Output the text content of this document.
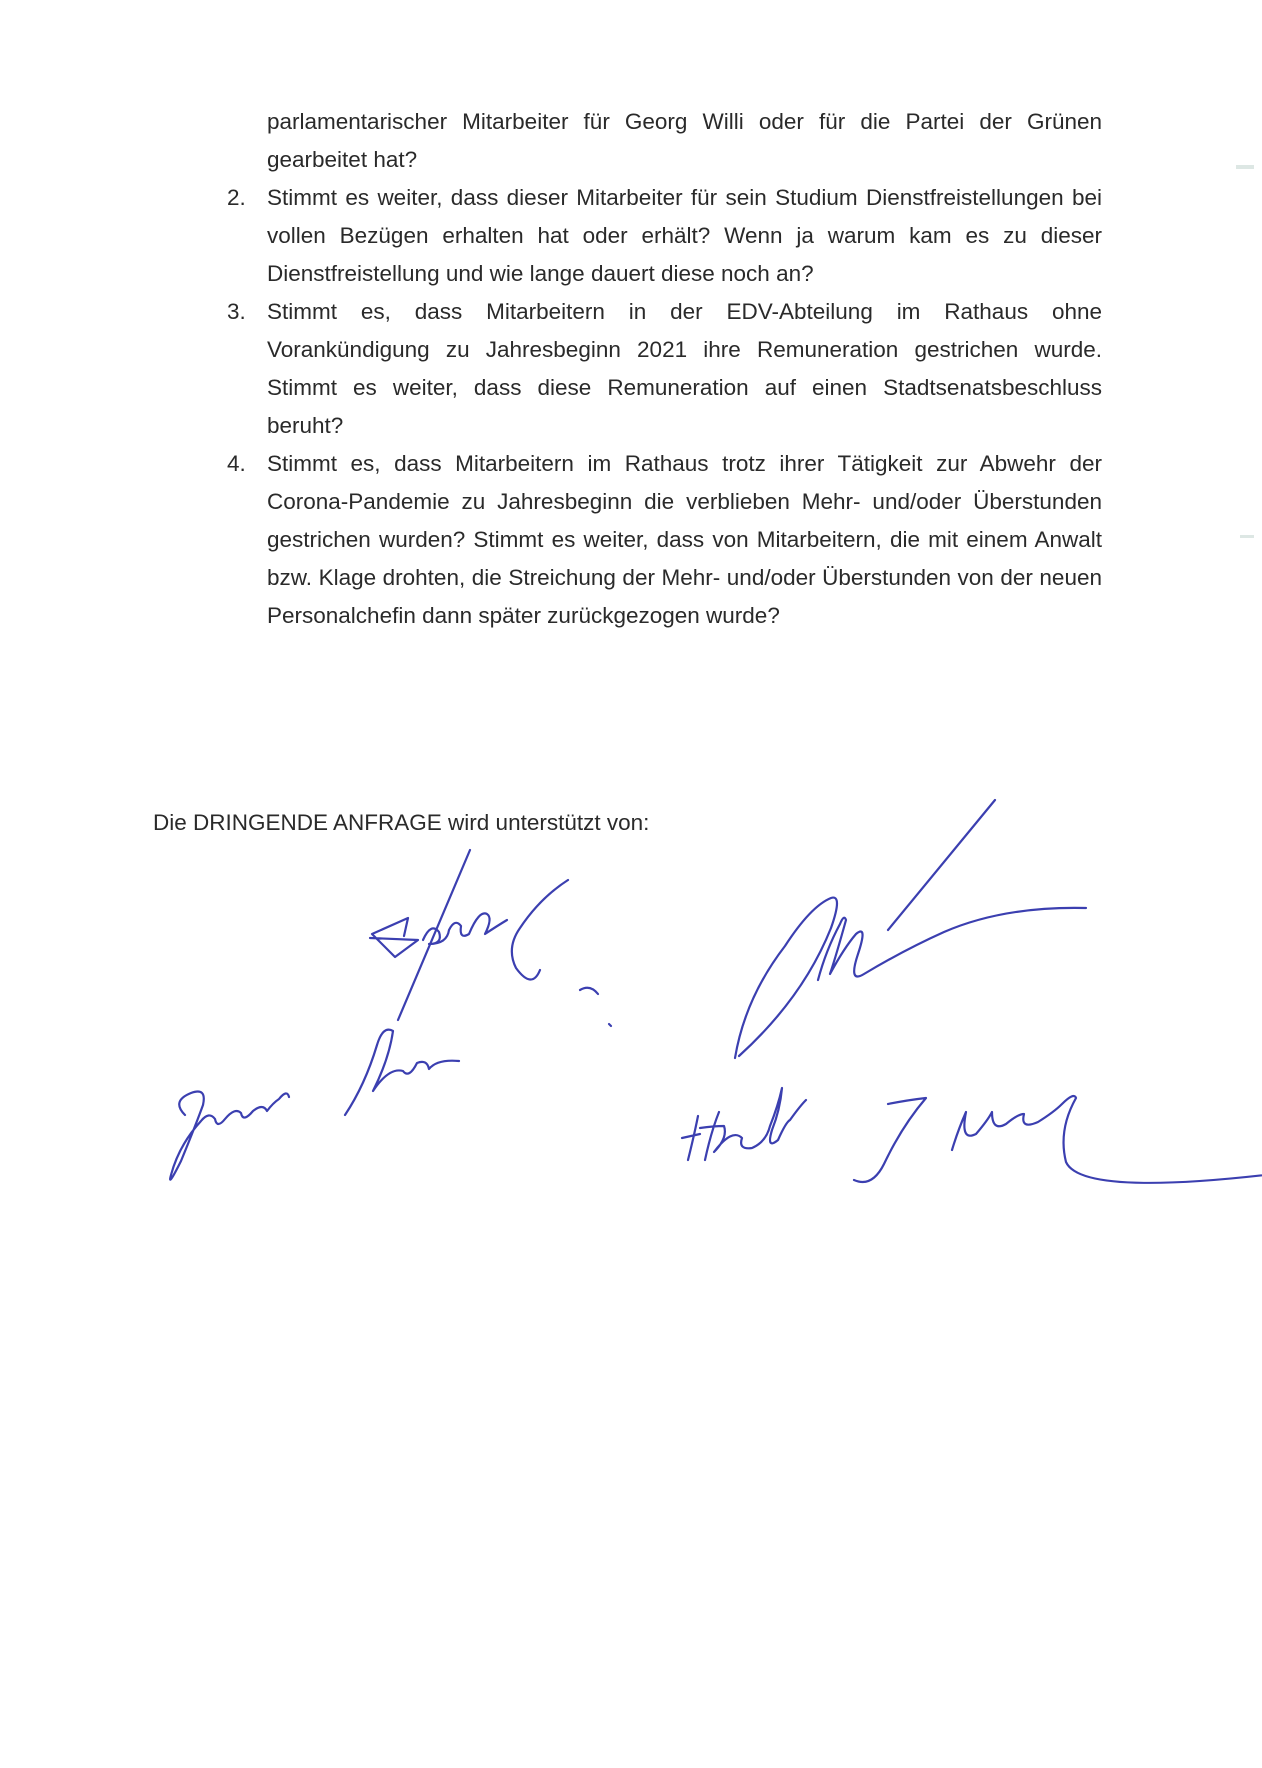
parlamentarischer Mitarbeiter für Georg Willi oder für die Partei der Grünen gearbeitet hat?

2. Stimmt es weiter, dass dieser Mitarbeiter für sein Studium Dienstfreistellungen bei vollen Bezügen erhalten hat oder erhält? Wenn ja warum kam es zu dieser Dienstfreistellung und wie lange dauert diese noch an?
3. Stimmt es, dass Mitarbeitern in der EDV-Abteilung im Rathaus ohne Vorankündigung zu Jahresbeginn 2021 ihre Remuneration gestrichen wurde. Stimmt es weiter, dass diese Remuneration auf einen Stadtsenatsbeschluss beruht?
4. Stimmt es, dass Mitarbeitern im Rathaus trotz ihrer Tätigkeit zur Abwehr der Corona-Pandemie zu Jahresbeginn die verblieben Mehr- und/oder Überstunden gestrichen wurden? Stimmt es weiter, dass von Mitarbeitern, die mit einem Anwalt bzw. Klage drohten, die Streichung der Mehr- und/oder Überstunden von der neuen Personalchefin dann später zurückgezogen wurde?
Die DRINGENDE ANFRAGE wird unterstützt von:
